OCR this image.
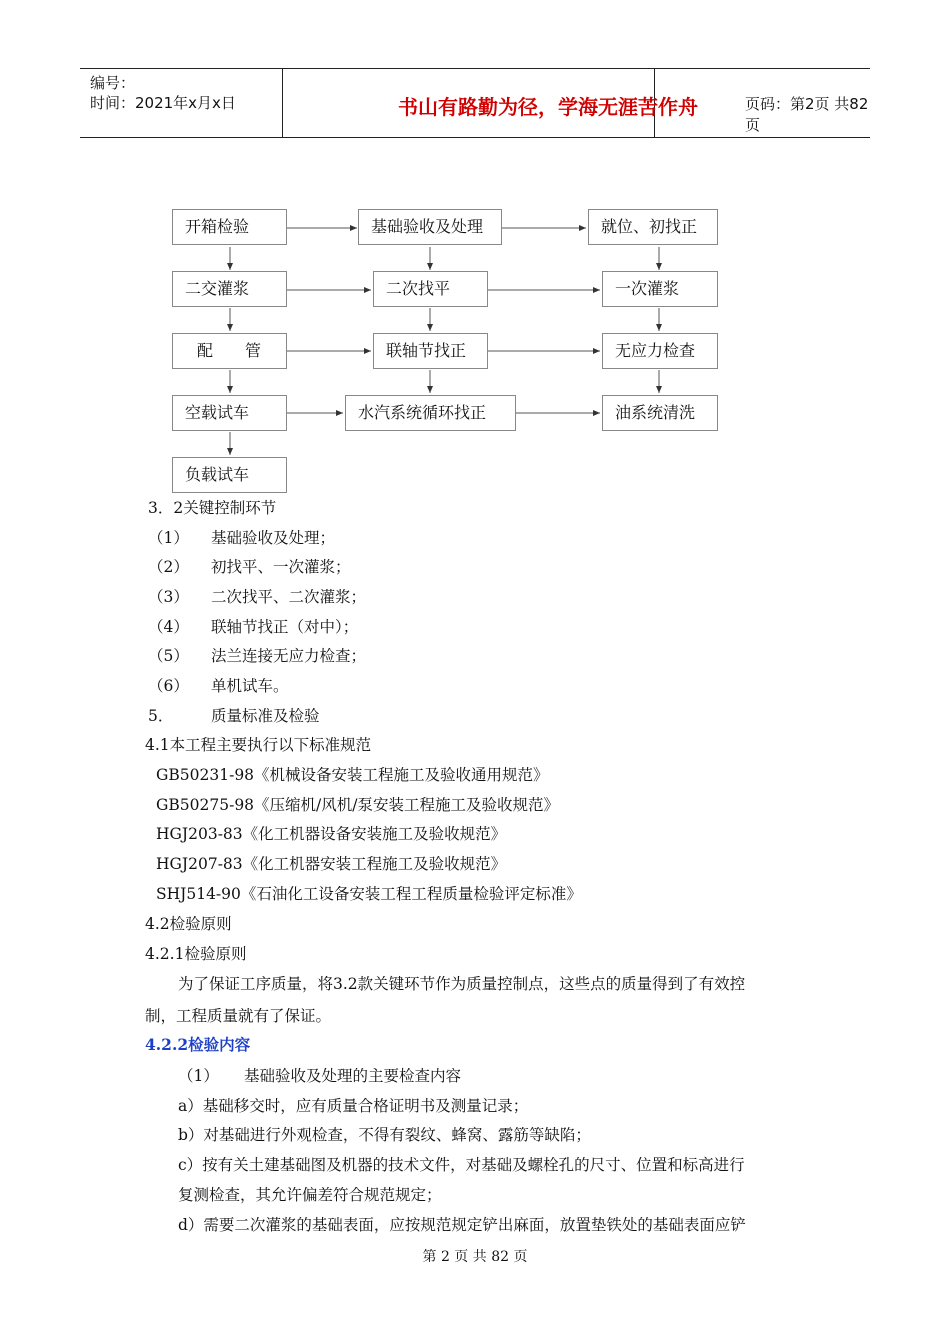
编号：
时间：2021年x月x日	书山有路勤为径，学海无涯苦作舟	页码：第2页 共82页
开箱检验	基础验收及处理	就位、初找正
二交灌浆	二次找平	一次灌浆
配　　管	联轴节找正	无应力检查
空载试车	水汽系统循环找正	油系统清洗
负载试车
3．2关键控制环节
（1） 基础验收及处理；
（2） 初找平、一次灌浆；
（3） 二次找平、二次灌浆；
（4） 联轴节找正（对中）；
（5） 法兰连接无应力检查；
（6） 单机试车。
5． 质量标准及检验
4.1本工程主要执行以下标准规范
GB50231-98《机械设备安装工程施工及验收通用规范》
GB50275-98《压缩机/风机/泵安装工程施工及验收规范》
HGJ203-83《化工机器设备安装施工及验收规范》
HGJ207-83《化工机器安装工程施工及验收规范》
SHJ514-90《石油化工设备安装工程工程质量检验评定标准》
4.2检验原则
4.2.1检验原则
为了保证工序质量，将3.2款关键环节作为质量控制点，这些点的质量得到了有效控
制，工程质量就有了保证。
4.2.2检验内容
（1） 基础验收及处理的主要检查内容
a）基础移交时，应有质量合格证明书及测量记录；
b）对基础进行外观检查，不得有裂纹、蜂窝、露筋等缺陷；
c）按有关土建基础图及机器的技术文件，对基础及螺栓孔的尺寸、位置和标高进行
复测检查，其允许偏差符合规范规定；
d）需要二次灌浆的基础表面，应按规范规定铲出麻面，放置垫铁处的基础表面应铲
第 2 页 共 82 页
